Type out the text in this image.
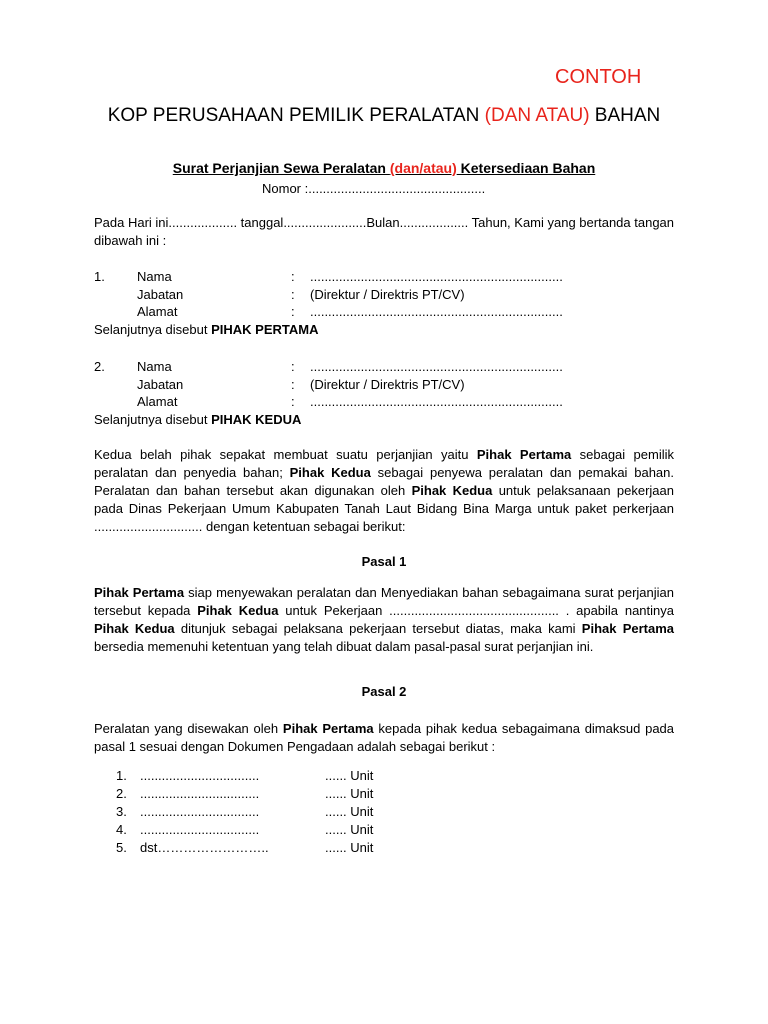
CONTOH
KOP PERUSAHAAN PEMILIK PERALATAN (DAN ATAU) BAHAN
Surat Perjanjian Sewa Peralatan (dan/atau) Ketersediaan Bahan
Nomor :.................................................
Pada Hari ini................... tanggal.......................Bulan................... Tahun, Kami yang bertanda tangan dibawah ini :
1. Nama	: ......................................................................
Jabatan	: (Direktur / Direktris PT/CV)
Alamat	: ......................................................................
Selanjutnya disebut PIHAK PERTAMA
2. Nama	: ......................................................................
Jabatan	: (Direktur / Direktris PT/CV)
Alamat	: ......................................................................
Selanjutnya disebut PIHAK KEDUA
Kedua belah pihak sepakat membuat suatu perjanjian yaitu Pihak Pertama sebagai pemilik peralatan dan penyedia bahan; Pihak Kedua sebagai penyewa peralatan dan pemakai bahan. Peralatan dan bahan tersebut akan digunakan oleh Pihak Kedua untuk pelaksanaan pekerjaan pada Dinas Pekerjaan Umum Kabupaten Tanah Laut Bidang Bina Marga untuk paket perkerjaan .............................. dengan ketentuan sebagai berikut:
Pasal 1
Pihak Pertama siap menyewakan peralatan dan Menyediakan bahan sebagaimana surat perjanjian tersebut kepada Pihak Kedua untuk Pekerjaan ............................................... . apabila nantinya Pihak Kedua ditunjuk sebagai pelaksana pekerjaan tersebut diatas, maka kami Pihak Pertama bersedia memenuhi ketentuan yang telah dibuat dalam pasal-pasal surat perjanjian ini.
Pasal 2
Peralatan yang disewakan oleh Pihak Pertama kepada pihak kedua sebagaimana dimaksud pada pasal 1 sesuai dengan Dokumen Pengadaan adalah sebagai berikut :
1. .................................	...... Unit
2. .................................	...... Unit
3. .................................	...... Unit
4. .................................	...... Unit
5. dst……………………..	...... Unit
